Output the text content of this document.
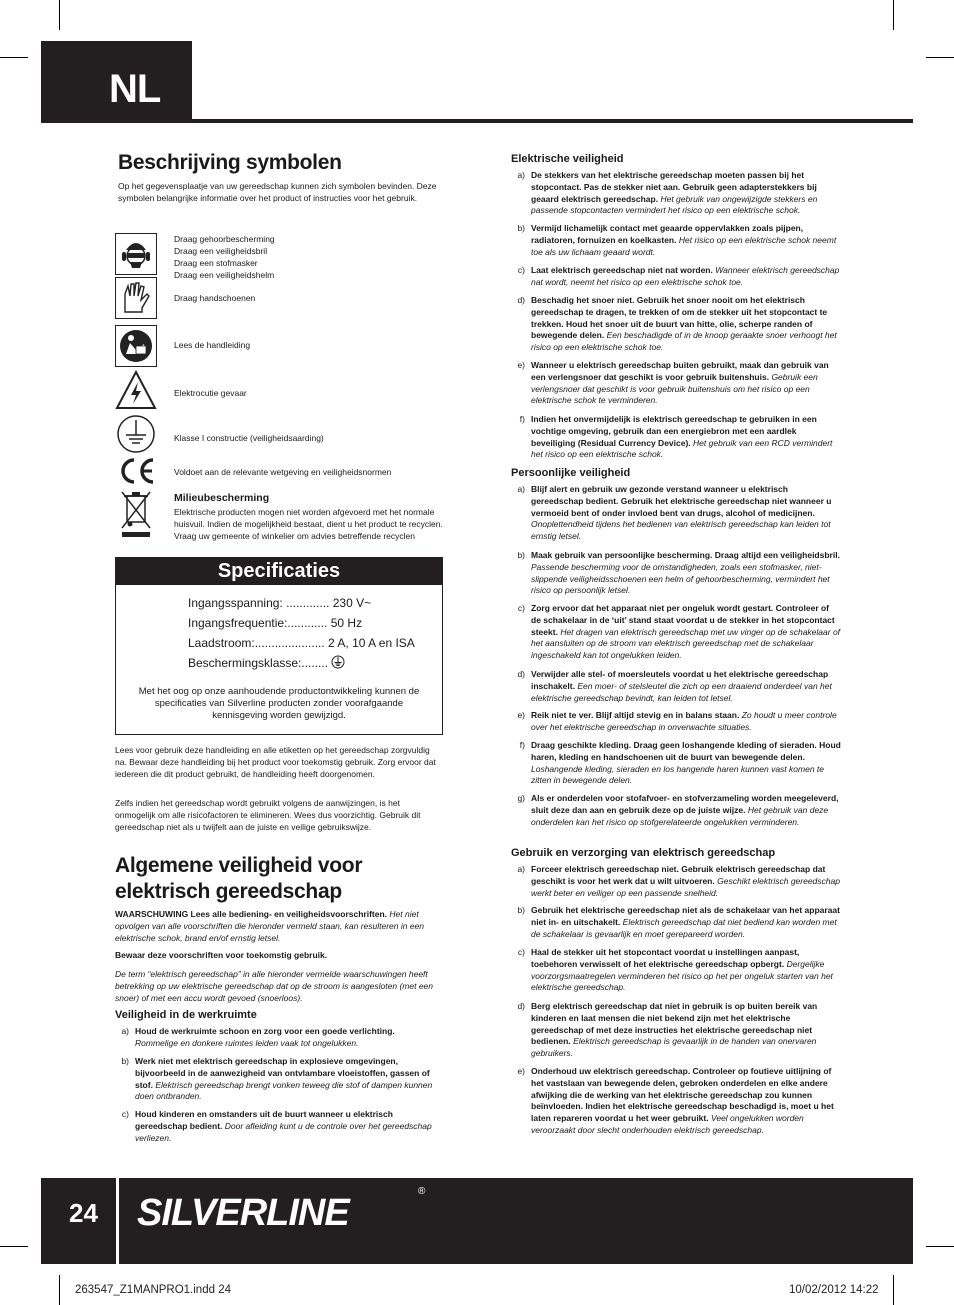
NL
Beschrijving symbolen
Op het gegevensplaatje van uw gereedschap kunnen zich symbolen bevinden. Deze symbolen belangrijke informatie over het product of instructies voor het gebruik.
Draag gehoorbescherming
Draag een veiligheidsbril
Draag een stofmasker
Draag een veiligheidshelm
Draag handschoenen
Lees de handleiding
Elektrocutie gevaar
Klasse I constructie (veiligheidsaarding)
Voldoet aan de relevante wetgeving en veiligheidsnormen
Milieubescherming
Elektrische producten mogen niet worden afgevoerd met het normale huisvuil. Indien de mogelijkheid bestaat, dient u het product te recyclen. Vraag uw gemeente of winkelier om advies betreffende recyclen
Specificaties
Ingangsspanning: ............. 230 V~
Ingangsfrequentie:............ 50 Hz
Laadstroom:..................... 2 A, 10 A en ISA
Beschermingsklasse:........
Met het oog op onze aanhoudende productontwikkeling kunnen de specificaties van Silverline producten zonder voorafgaande kennisgeving worden gewijzigd.
Lees voor gebruik deze handleiding en alle etiketten op het gereedschap zorgvuldig na. Bewaar deze handleiding bij het product voor toekomstig gebruik. Zorg ervoor dat iedereen die dit product gebruikt, de handleiding heeft doorgenomen.
Zelfs indien het gereedschap wordt gebruikt volgens de aanwijzingen, is het onmogelijk om alle risicofactoren te elimineren. Wees dus voorzichtig. Gebruik dit gereedschap niet als u twijfelt aan de juiste en veilige gebruikswijze.
Algemene veiligheid voor
elektrisch gereedschap
WAARSCHUWING Lees alle bediening- en veiligheidsvoorschriften. Het niet opvolgen van alle voorschriften die hieronder vermeld staan, kan resulteren in een elektrische schok, brand en/of ernstig letsel.
Bewaar deze voorschriften voor toekomstig gebruik.
De term “elektrisch gereedschap” in alle hieronder vermelde waarschuwingen heeft betrekking op uw elektrische gereedschap dat op de stroom is aangesloten (met een snoer) of met een accu wordt gevoed (snoerloos).
Veiligheid in de werkruimte
a) Houd de werkruimte schoon en zorg voor een goede verlichting. Rommelige en donkere ruimtes leiden vaak tot ongelukken.
b) Werk niet met elektrisch gereedschap in explosieve omgevingen, bijvoorbeeld in de aanwezigheid van ontvlambare vloeistoffen, gassen of stof. Elektrisch gereedschap brengt vonken teweeg die stof of dampen kunnen doen ontbranden.
c) Houd kinderen en omstanders uit de buurt wanneer u elektrisch gereedschap bedient. Door afleiding kunt u de controle over het gereedschap verliezen.
Elektrische veiligheid
a) De stekkers van het elektrische gereedschap moeten passen bij het stopcontact. Pas de stekker niet aan. Gebruik geen adapterstekkers bij geaard elektrisch gereedschap. Het gebruik van ongewijzigde stekkers en passende stopcontacten vermindert het risico op een elektrische schok.
b) Vermijd lichamelijk contact met geaarde oppervlakken zoals pijpen, radiatoren, fornuizen en koelkasten. Het risico op een elektrische schok neemt toe als uw lichaam geaard wordt.
c) Laat elektrisch gereedschap niet nat worden. Wanneer elektrisch gereedschap nat wordt, neemt het risico op een elektrische schok toe.
d) Beschadig het snoer niet. Gebruik het snoer nooit om het elektrisch gereedschap te dragen, te trekken of om de stekker uit het stopcontact te trekken. Houd het snoer uit de buurt van hitte, olie, scherpe randen of bewegende delen. Een beschadigde of in de knoop geraakte snoer verhoogt het risico op een elektrische schok toe.
e) Wanneer u elektrisch gereedschap buiten gebruikt, maak dan gebruik van een verlengsnoer dat geschikt is voor gebruik buitenshuis. Gebruik een verlengsnoer dat geschikt is voor gebruik buitenshuis om het risico op een elektrische schok te verminderen.
f) Indien het onvermijdelijk is elektrisch gereedschap te gebruiken in een vochtige omgeving, gebruik dan een energiebron met een aardlek beveiliging (Residual Currency Device). Het gebruik van een RCD vermindert het risico op een elektrische schok.
Persoonlijke veiligheid
a) Blijf alert en gebruik uw gezonde verstand wanneer u elektrisch gereedschap bedient. Gebruik het elektrische gereedschap niet wanneer u vermoeid bent of onder invloed bent van drugs, alcohol of medicijnen. Onoplettendheid tijdens het bedienen van elektrisch gereedschap kan leiden tot ernstig letsel.
b) Maak gebruik van persoonlijke bescherming. Draag altijd een veiligheidsbril. Passende bescherming voor de omstandigheden, zoals een stofmasker, niet-slippende veiligheidsschoenen een helm of gehoorbescherming, vermindert het risico op persoonlijk letsel.
c) Zorg ervoor dat het apparaat niet per ongeluk wordt gestart. Controleer of de schakelaar in de ‘uit’ stand staat voordat u de stekker in het stopcontact steekt. Het dragen van elektrisch gereedschap met uw vinger op de schakelaar of het aansluiten op de stroom van elektrisch gereedschap met de schakelaar ingeschakeld kan tot ongelukken leiden.
d) Verwijder alle stel- of moersleutels voordat u het elektrische gereedschap inschakelt. Een moer- of stelsleutel die zich op een draaiend onderdeel van het elektrische gereedschap bevindt, kan leiden tot letsel.
e) Reik niet te ver. Blijf altijd stevig en in balans staan. Zo houdt u meer controle over het elektrische gereedschap in onverwachte situaties.
f) Draag geschikte kleding. Draag geen loshangende kleding of sieraden. Houd haren, kleding en handschoenen uit de buurt van bewegende delen. Loshangende kleding, sieraden en los hangende haren kunnen vast komen te zitten in bewegende delen.
g) Als er onderdelen voor stofafvoer- en stofverzameling worden meegeleverd, sluit deze dan aan en gebruik deze op de juiste wijze. Het gebruik van deze onderdelen kan het risico op stofgerelateerde ongelukken verminderen.
Gebruik en verzorging van elektrisch gereedschap
a) Forceer elektrisch gereedschap niet. Gebruik elektrisch gereedschap dat geschikt is voor het werk dat u wilt uitvoeren. Geschikt elektrisch gereedschap werkt beter en veiliger op een passende snelheid.
b) Gebruik het elektrische gereedschap niet als de schakelaar van het apparaat niet in- en uitschakelt. Elektrisch gereedschap dat niet bediend kan worden met de schakelaar is gevaarlijk en moet gerepareerd worden.
c) Haal de stekker uit het stopcontact voordat u instellingen aanpast, toebehoren verwisselt of het elektrische gereedschap opbergt. Dergelijke voorzorgsmaatregelen verminderen het risico op het per ongeluk starten van het elektrische gereedschap.
d) Berg elektrisch gereedschap dat niet in gebruik is op buiten bereik van kinderen en laat mensen die niet bekend zijn met het elektrische gereedschap of met deze instructies het elektrische gereedschap niet bedienen. Elektrisch gereedschap is gevaarlijk in de handen van onervaren gebruikers.
e) Onderhoud uw elektrisch gereedschap. Controleer op foutieve uitlijning of het vastslaan van bewegende delen, gebroken onderdelen en elke andere afwijking die de werking van het elektrische gereedschap zou kunnen beïnvloeden. Indien het elektrische gereedschap beschadigd is, moet u het laten repareren voordat u het weer gebruikt. Veel ongelukken worden veroorzaakt door slecht onderhouden elektrisch gereedschap.
24 SILVERLINE
®
263547_Z1MANPRO1.indd 24	10/02/2012 14:22
